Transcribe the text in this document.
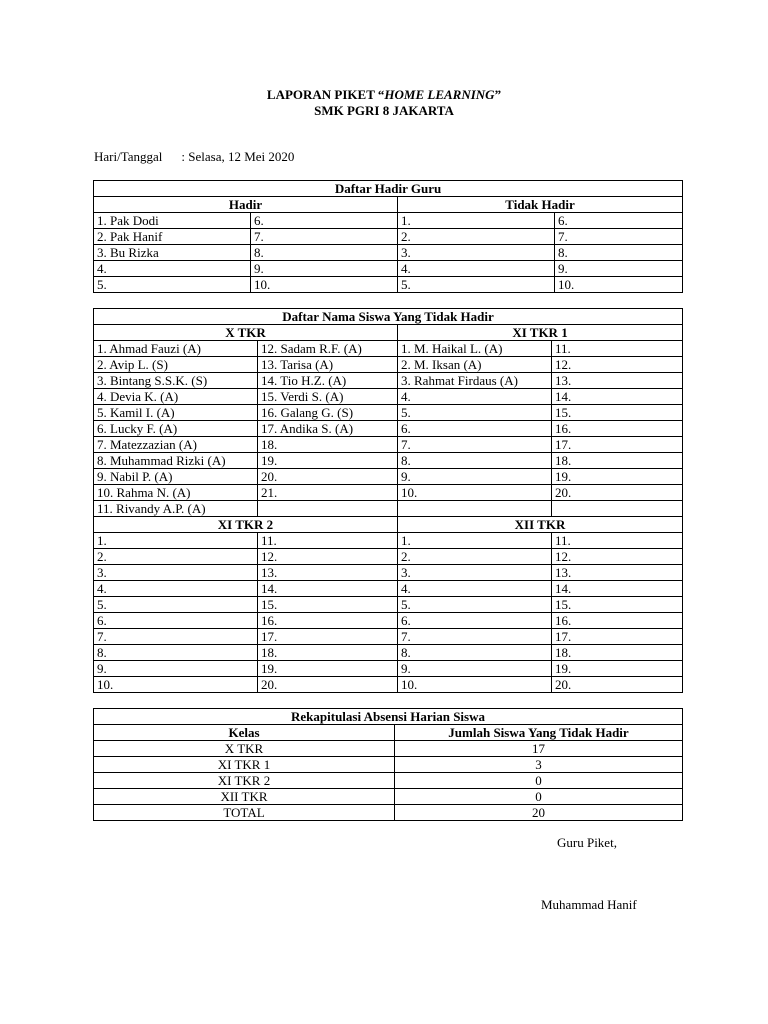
LAPORAN PIKET “HOME LEARNING”
SMK PGRI 8 JAKARTA
Hari/Tanggal : Selasa, 12 Mei 2020
Daftar Hadir Guru			
Hadir		Tidak Hadir	
1. Pak Dodi	6.	1.	6.
2. Pak Hanif	7.	2.	7.
3. Bu Rizka	8.	3.	8.
4.	9.	4.	9.
5.	10.	5.	10.
Daftar Nama Siswa Yang Tidak Hadir			
X TKR		XI TKR 1	
1. Ahmad Fauzi (A)	12. Sadam R.F. (A)	1. M. Haikal L. (A)	11.
2. Avip L. (S)	13. Tarisa (A)	2. M. Iksan (A)	12.
3. Bintang S.S.K. (S)	14. Tio H.Z. (A)	3. Rahmat Firdaus (A)	13.
4. Devia K. (A)	15. Verdi S. (A)	4.	14.
5. Kamil I. (A)	16. Galang G. (S)	5.	15.
6. Lucky F. (A)	17. Andika S. (A)	6.	16.
7. Matezzazian (A)	18.	7.	17.
8. Muhammad Rizki (A)	19.	8.	18.
9. Nabil P. (A)	20.	9.	19.
10. Rahma N. (A)	21.	10.	20.
11. Rivandy A.P. (A)			
XI TKR 2		XII TKR	
1.	11.	1.	11.
2.	12.	2.	12.
3.	13.	3.	13.
4.	14.	4.	14.
5.	15.	5.	15.
6.	16.	6.	16.
7.	17.	7.	17.
8.	18.	8.	18.
9.	19.	9.	19.
10.	20.	10.	20.
Rekapitulasi Absensi Harian Siswa	
Kelas	Jumlah Siswa Yang Tidak Hadir
X TKR	17
XI TKR 1	3
XI TKR 2	0
XII TKR	0
TOTAL	20
Guru Piket,
Muhammad Hanif
